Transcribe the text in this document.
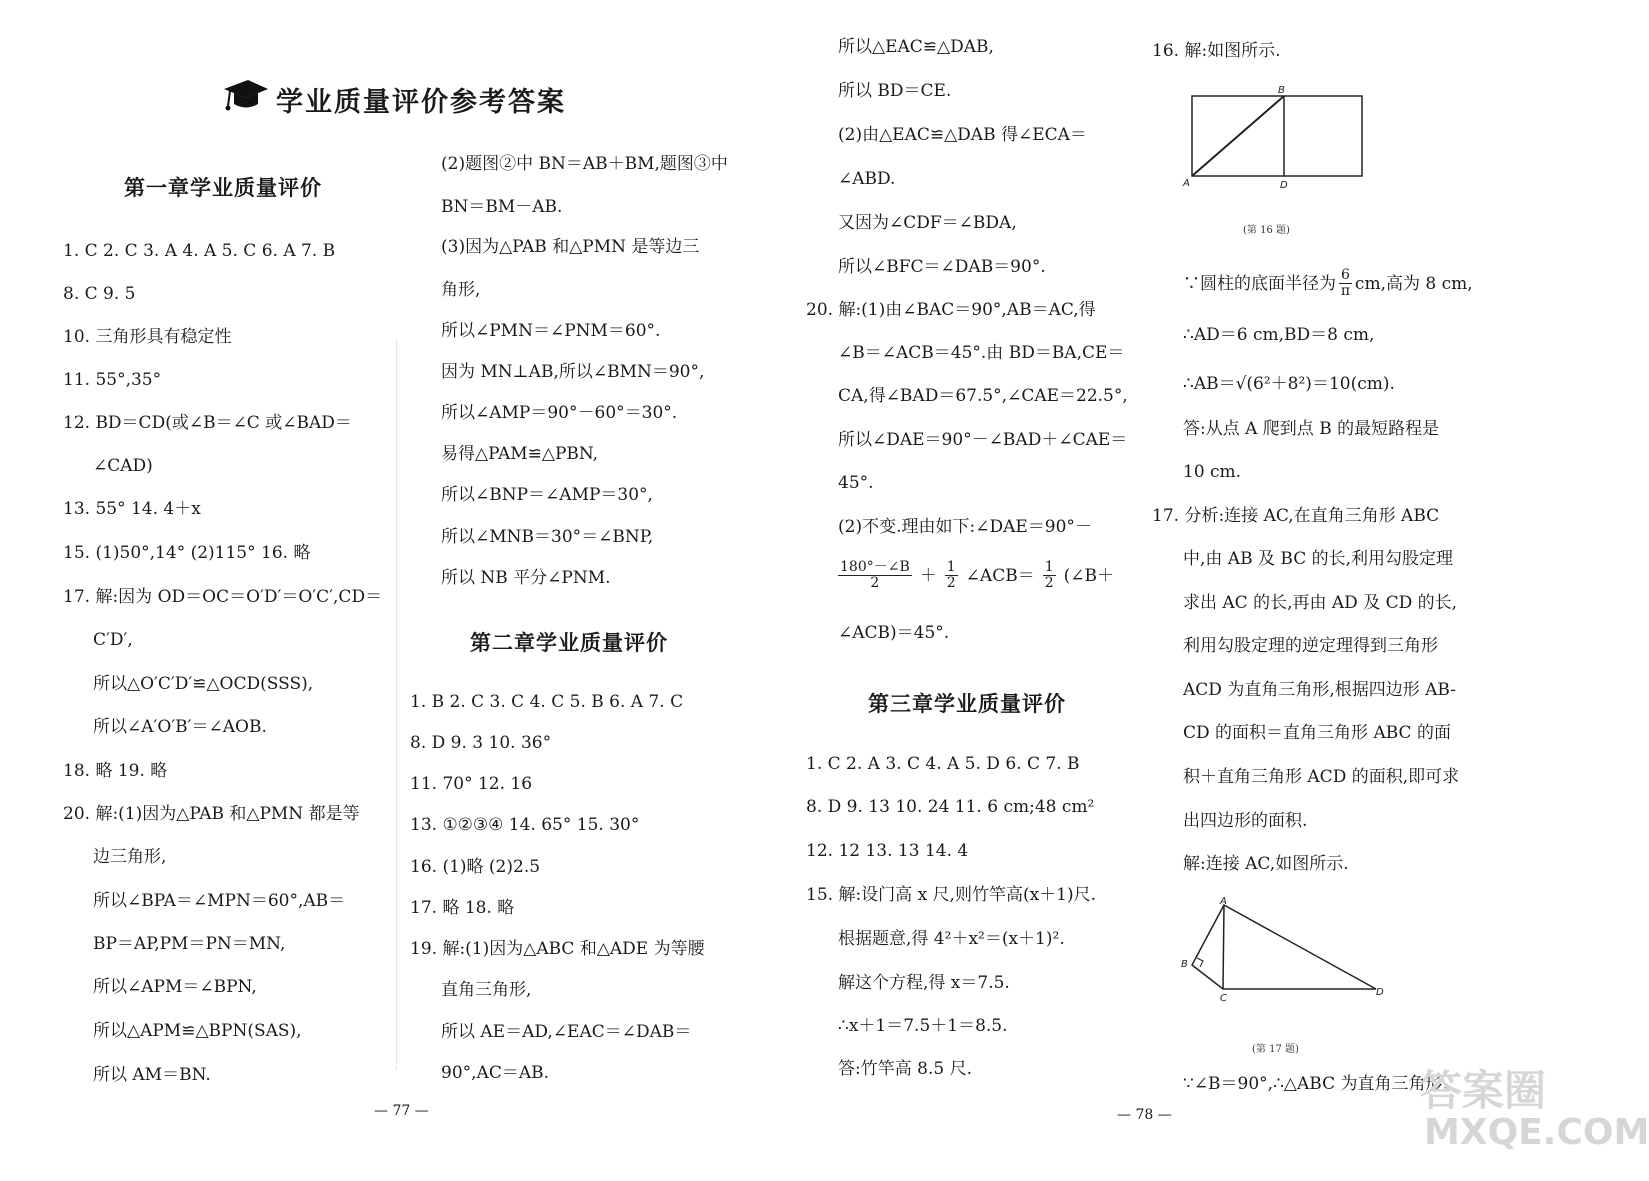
学业质量评价参考答案
第一章学业质量评价
1. C 2. C 3. A 4. A 5. C 6. A 7. B
8. C 9. 5
10. 三角形具有稳定性
11. 55°,35°
12. BD＝CD(或∠B＝∠C 或∠BAD＝
∠CAD)
13. 55° 14. 4＋x
15. (1)50°,14° (2)115° 16. 略
17. 解:因为 OD＝OC＝O′D′＝O′C′,CD＝
C′D′,
所以△O′C′D′≌△OCD(SSS),
所以∠A′O′B′＝∠AOB.
18. 略 19. 略
20. 解:(1)因为△PAB 和△PMN 都是等
边三角形,
所以∠BPA＝∠MPN＝60°,AB＝
BP＝AP,PM＝PN＝MN,
所以∠APM＝∠BPN,
所以△APM≌△BPN(SAS),
所以 AM＝BN.
(2)题图②中 BN＝AB＋BM,题图③中
BN＝BM－AB.
(3)因为△PAB 和△PMN 是等边三
角形,
所以∠PMN＝∠PNM＝60°.
因为 MN⊥AB,所以∠BMN＝90°,
所以∠AMP＝90°－60°＝30°.
易得△PAM≌△PBN,
所以∠BNP＝∠AMP＝30°,
所以∠MNB＝30°＝∠BNP,
所以 NB 平分∠PNM.
第二章学业质量评价
1. B 2. C 3. C 4. C 5. B 6. A 7. C
8. D 9. 3 10. 36°
11. 70° 12. 16
13. ①②③④ 14. 65° 15. 30°
16. (1)略 (2)2.5
17. 略 18. 略
19. 解:(1)因为△ABC 和△ADE 为等腰
直角三角形,
所以 AE＝AD,∠EAC＝∠DAB＝
90°,AC＝AB.
所以△EAC≌△DAB,
所以 BD＝CE.
(2)由△EAC≌△DAB 得∠ECA＝
∠ABD.
又因为∠CDF＝∠BDA,
所以∠BFC＝∠DAB＝90°.
20. 解:(1)由∠BAC＝90°,AB＝AC,得
∠B＝∠ACB＝45°.由 BD＝BA,CE＝
CA,得∠BAD＝67.5°,∠CAE＝22.5°,
所以∠DAE＝90°－∠BAD＋∠CAE＝
45°.
(2)不变.理由如下:∠DAE＝90°－
$\frac{180^\circ-\angle B}{2} + \frac{1}{2}$ ∠ACB＝ $\frac{1}{2}$ (∠B＋
∠ACB)＝45°.
第三章学业质量评价
1. C 2. A 3. C 4. A 5. D 6. C 7. B
8. D 9. 13 10. 24 11. 6 cm;48 cm²
12. 12 13. 13 14. 4
15. 解:设门高 x 尺,则竹竿高(x＋1)尺.
根据题意,得 4²＋x²＝(x＋1)².
解这个方程,得 x＝7.5.
∴x＋1＝7.5＋1＝8.5.
答:竹竿高 8.5 尺.
16. 解:如图所示.
B
A	D
(第 16 题)
∵圆柱的底面半径为 $\frac{6}{\pi}$ cm,高为 8 cm,
∴AD＝6 cm,BD＝8 cm,
∴AB＝√(6²＋8²)＝10(cm).
答:从点 A 爬到点 B 的最短路程是
10 cm.
17. 分析:连接 AC,在直角三角形 ABC
中,由 AB 及 BC 的长,利用勾股定理
求出 AC 的长,再由 AD 及 CD 的长,
利用勾股定理的逆定理得到三角形
ACD 为直角三角形,根据四边形 AB-
CD 的面积＝直角三角形 ABC 的面
积＋直角三角形 ACD 的面积,即可求
出四边形的面积.
解:连接 AC,如图所示.
A
B
C
D
(第 17 题)
∵∠B＝90°,∴△ABC 为直角三角形,
— 77 —	— 78 —	答案圈
MXQE.COM
